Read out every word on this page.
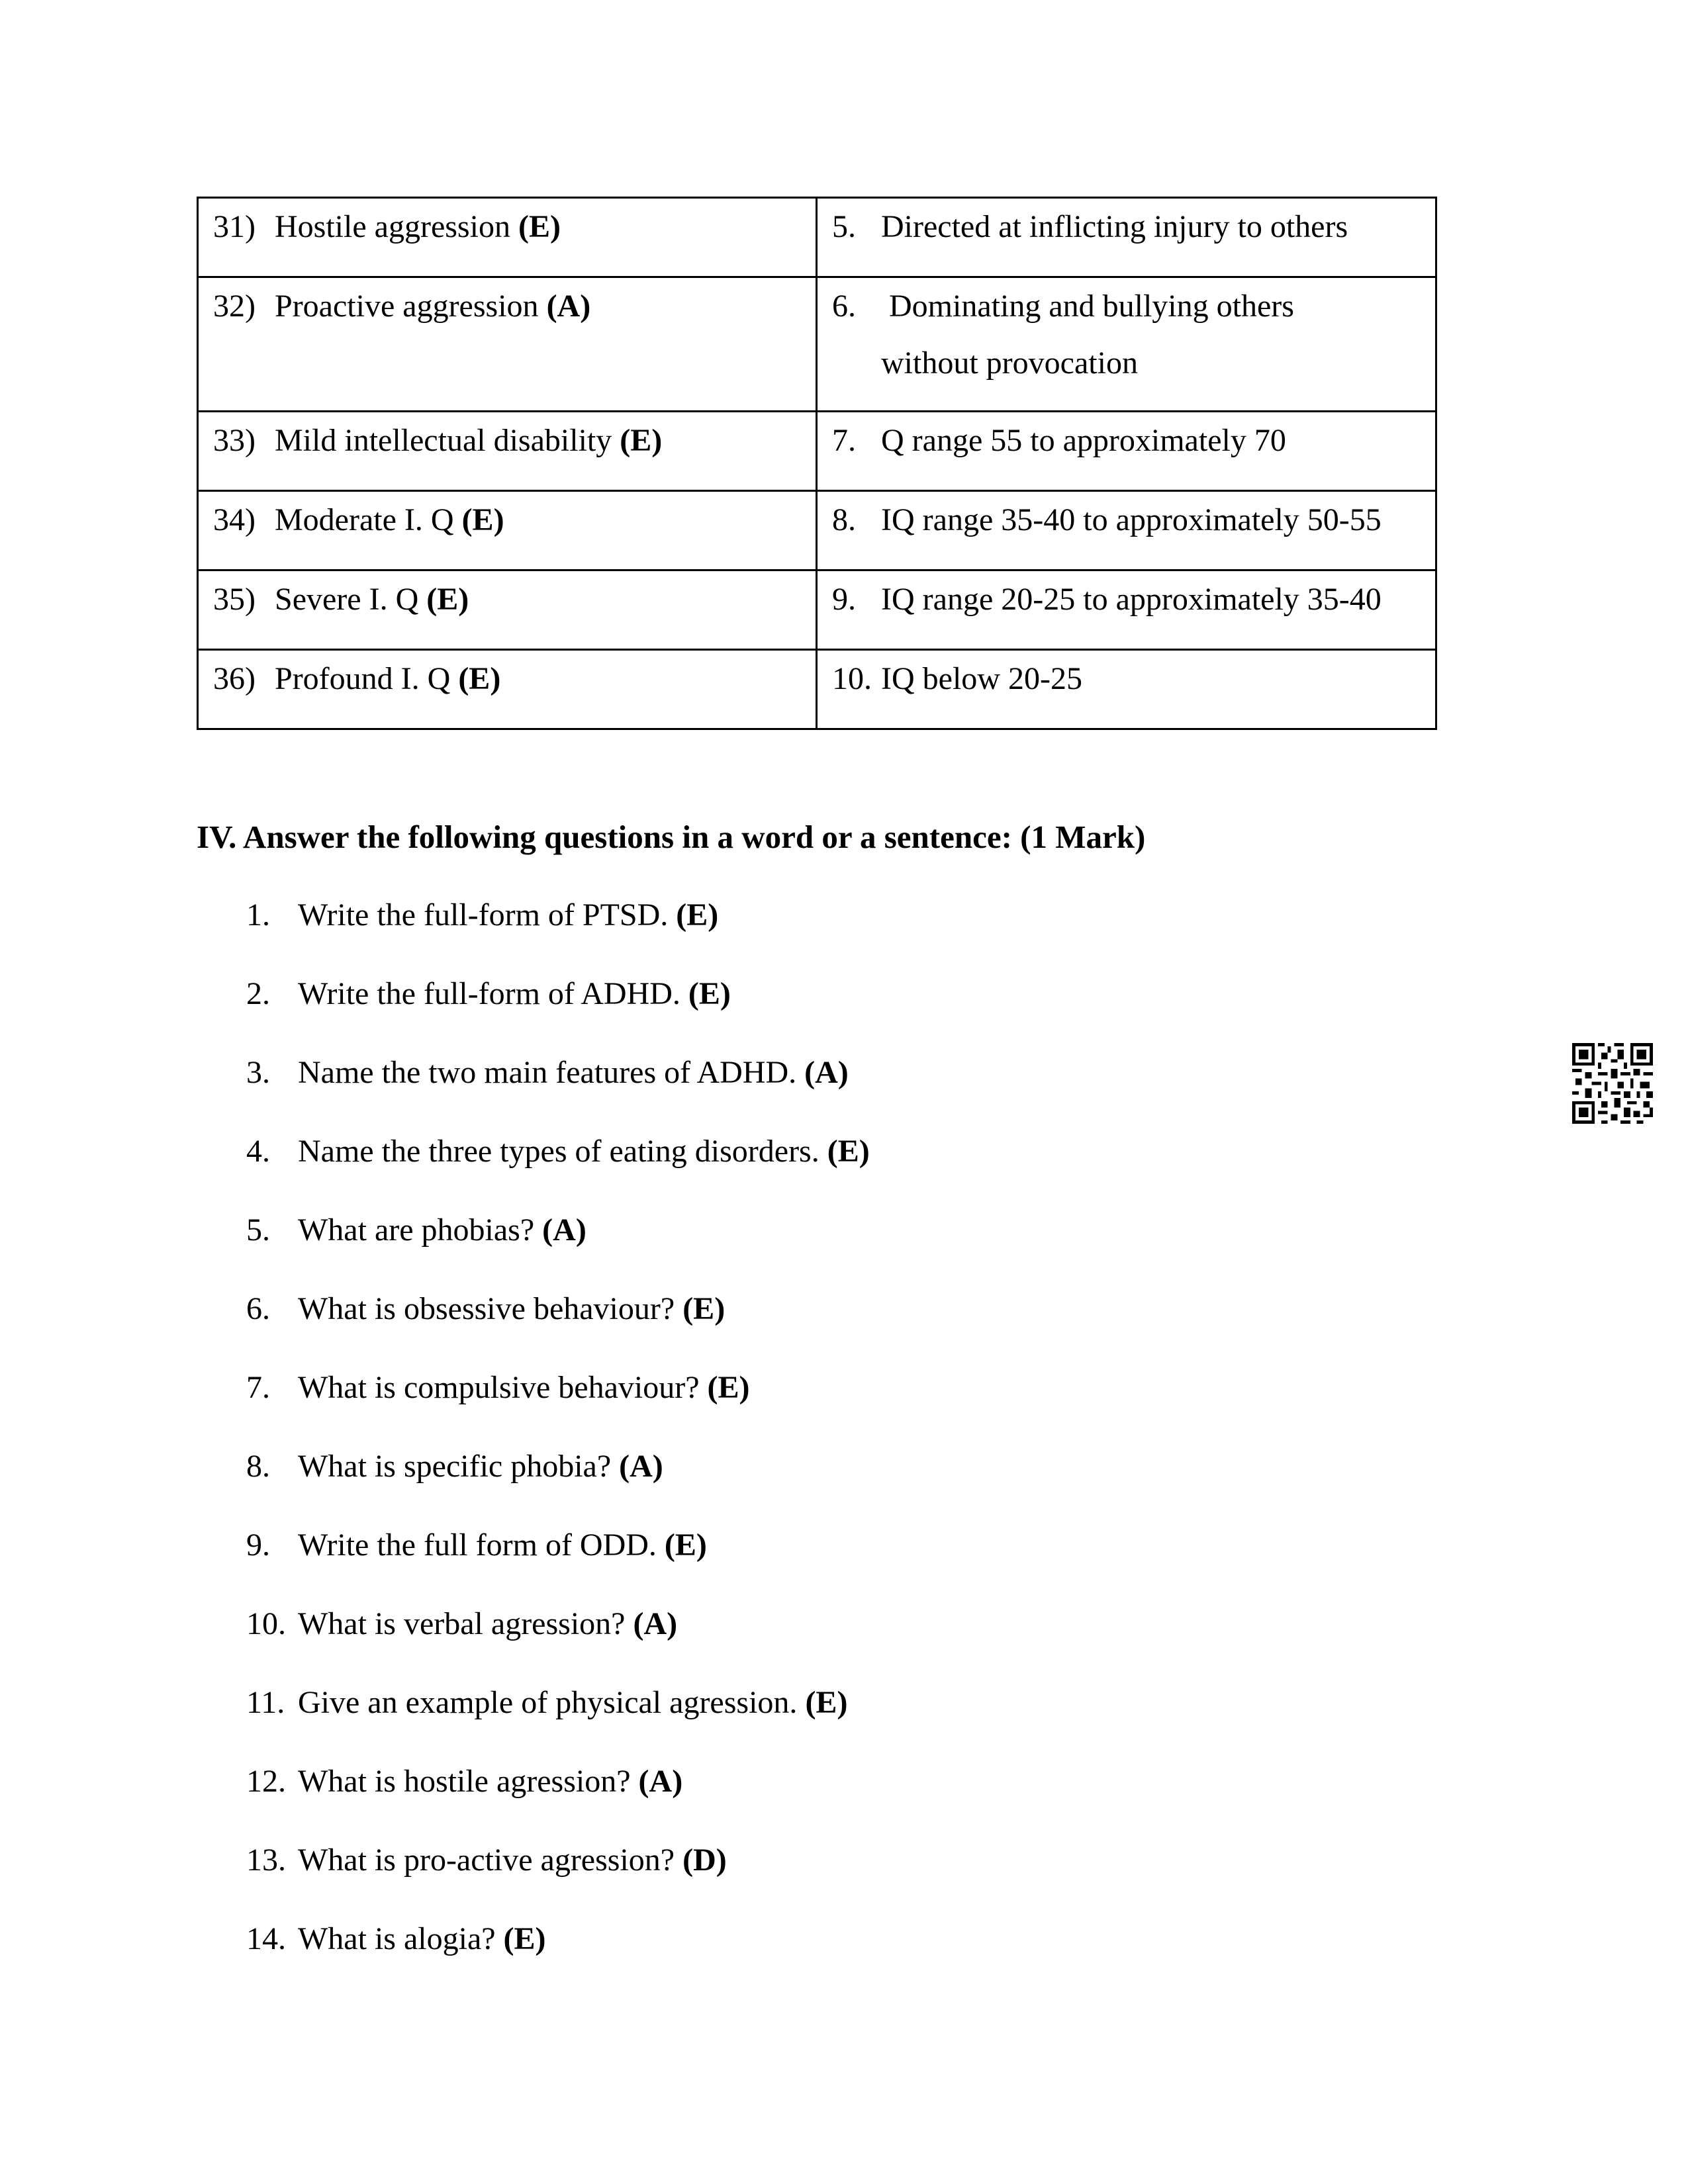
31) Hostile aggression (E)	5. Directed at inflicting injury to others
32) Proactive aggression (A)	6. Dominating and bullying others
without provocation

33) Mild intellectual disability (E)	7. Q range 55 to approximately 70
34) Moderate I. Q (E)	8. IQ range 35-40 to approximately 50-55
35) Severe I. Q (E)	9. IQ range 20-25 to approximately 35-40
36) Profound I. Q (E)	10. IQ below 20-25
IV. Answer the following questions in a word or a sentence: (1 Mark)
1. Write the full-form of PTSD. (E)
2. Write the full-form of ADHD. (E)
3. Name the two main features of ADHD. (A)
4. Name the three types of eating disorders. (E)
5. What are phobias? (A)
6. What is obsessive behaviour? (E)
7. What is compulsive behaviour? (E)
8. What is specific phobia? (A)
9. Write the full form of ODD. (E)
10. What is verbal agression? (A)
11. Give an example of physical agression. (E)
12. What is hostile agression? (A)
13. What is pro-active agression? (D)
14. What is alogia? (E)
